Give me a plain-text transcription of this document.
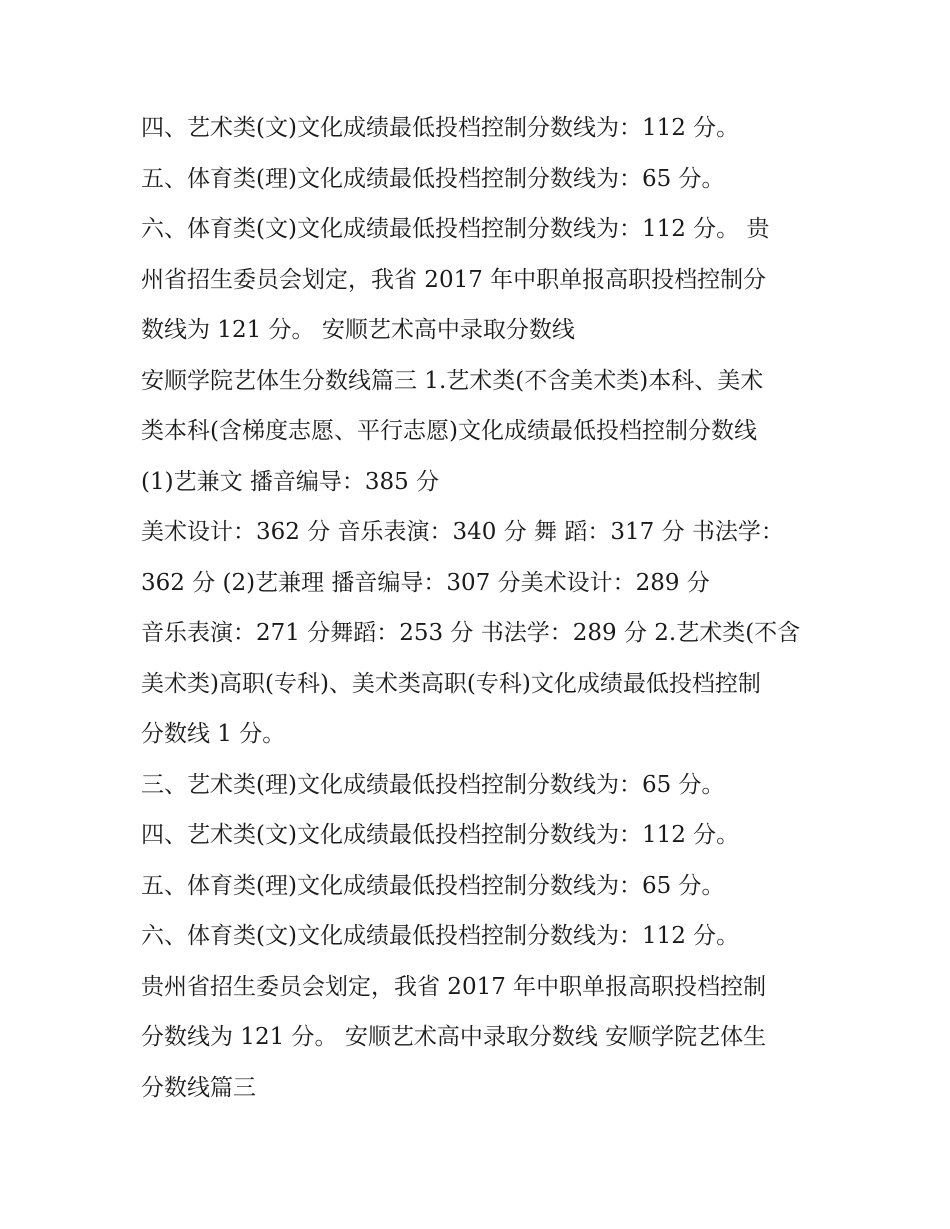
四、艺术类(文)文化成绩最低投档控制分数线为：112 分。
五、体育类(理)文化成绩最低投档控制分数线为：65 分。
六、体育类(文)文化成绩最低投档控制分数线为：112 分。 贵
州省招生委员会划定，我省 2017 年中职单报高职投档控制分
数线为 121 分。 安顺艺术高中录取分数线
安顺学院艺体生分数线篇三 1.艺术类(不含美术类)本科、美术
类本科(含梯度志愿、平行志愿)文化成绩最低投档控制分数线
(1)艺兼文 播音编导：385 分
美术设计：362 分 音乐表演：340 分 舞 蹈：317 分 书法学：
362 分 (2)艺兼理 播音编导：307 分美术设计：289 分
音乐表演：271 分舞蹈：253 分 书法学：289 分 2.艺术类(不含
美术类)高职(专科)、美术类高职(专科)文化成绩最低投档控制
分数线 1 分。
三、艺术类(理)文化成绩最低投档控制分数线为：65 分。
四、艺术类(文)文化成绩最低投档控制分数线为：112 分。
五、体育类(理)文化成绩最低投档控制分数线为：65 分。
六、体育类(文)文化成绩最低投档控制分数线为：112 分。
贵州省招生委员会划定，我省 2017 年中职单报高职投档控制
分数线为 121 分。 安顺艺术高中录取分数线 安顺学院艺体生
分数线篇三
